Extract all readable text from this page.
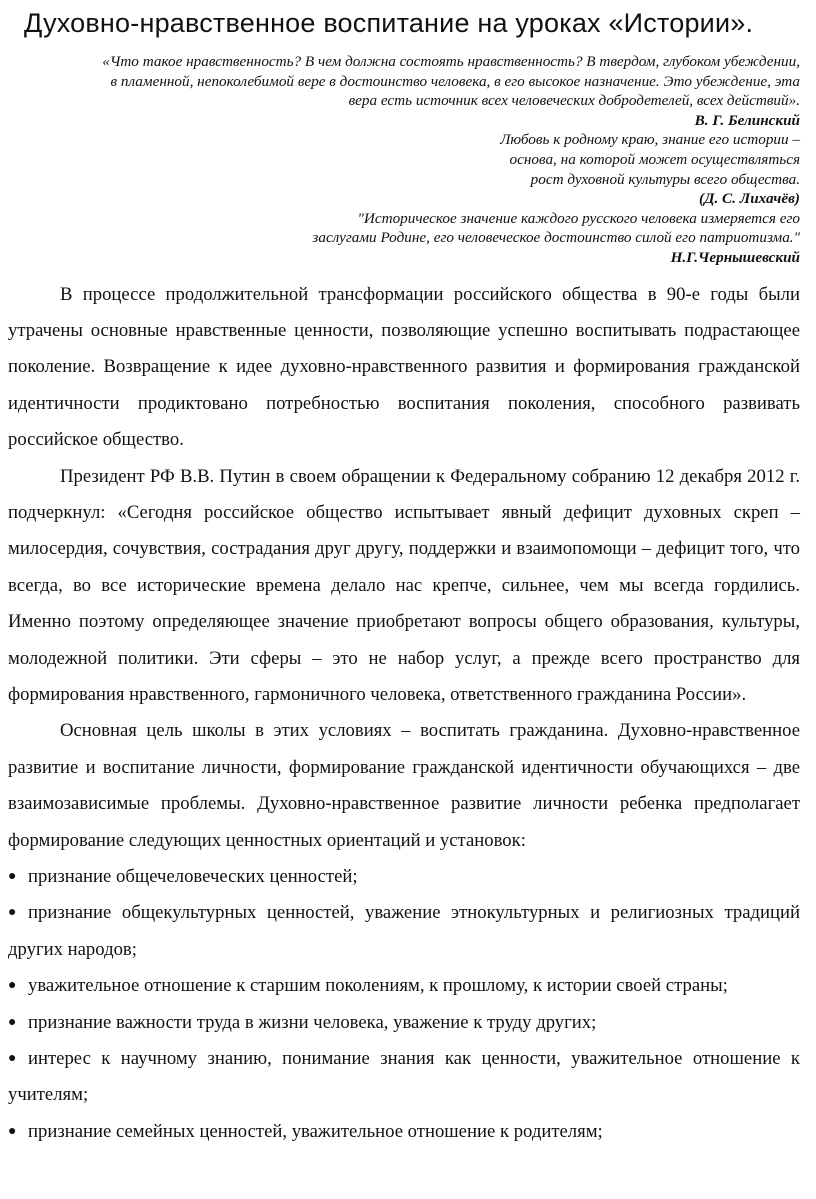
Духовно-нравственное воспитание на уроках «Истории».
«Что такое нравственность? В чем должна состоять нравственность? В твердом, глубоком убеждении,
в пламенной, непоколебимой вере в достоинство человека, в его высокое назначение. Это убеждение, эта
вера есть источник всех человеческих добродетелей, всех действий».
В. Г. Белинский
Любовь к родному краю, знание его истории –
основа, на которой может осуществляться
рост духовной культуры всего общества.
(Д. С. Лихачёв)
"Историческое значение каждого русского человека измеряется его
заслугами Родине, его человеческое достоинство силой его патриотизма."
Н.Г.Чернышевский

В процессе продолжительной трансформации российского общества в 90-е годы были утрачены основные нравственные ценности, позволяющие успешно воспитывать подрастающее поколение. Возвращение к идее духовно-нравственного развития и формирования гражданской идентичности продиктовано потребностью воспитания поколения, способного развивать российское общество.

Президент РФ В.В. Путин в своем обращении к Федеральному собранию 12 декабря 2012 г. подчеркнул: «Сегодня российское общество испытывает явный дефицит духовных скреп – милосердия, сочувствия, сострадания друг другу, поддержки и взаимопомощи – дефицит того, что всегда, во все исторические времена делало нас крепче, сильнее, чем мы всегда гордились. Именно поэтому определяющее значение приобретают вопросы общего образования, культуры, молодежной политики. Эти сферы – это не набор услуг, а прежде всего пространство для формирования нравственного, гармоничного человека, ответственного гражданина России».

Основная цель школы в этих условиях – воспитать гражданина. Духовно-нравственное развитие и воспитание личности, формирование гражданской идентичности обучающихся – две взаимозависимые проблемы. Духовно-нравственное развитие личности ребенка предполагает формирование следующих ценностных ориентаций и установок:

● признание общечеловеческих ценностей;
● признание общекультурных ценностей, уважение этнокультурных и религиозных традиций других народов;
● уважительное отношение к старшим поколениям, к прошлому, к истории своей страны;
● признание важности труда в жизни человека, уважение к труду других;
● интерес к научному знанию, понимание знания как ценности, уважительное отношение к учителям;
● признание семейных ценностей, уважительное отношение к родителям;
